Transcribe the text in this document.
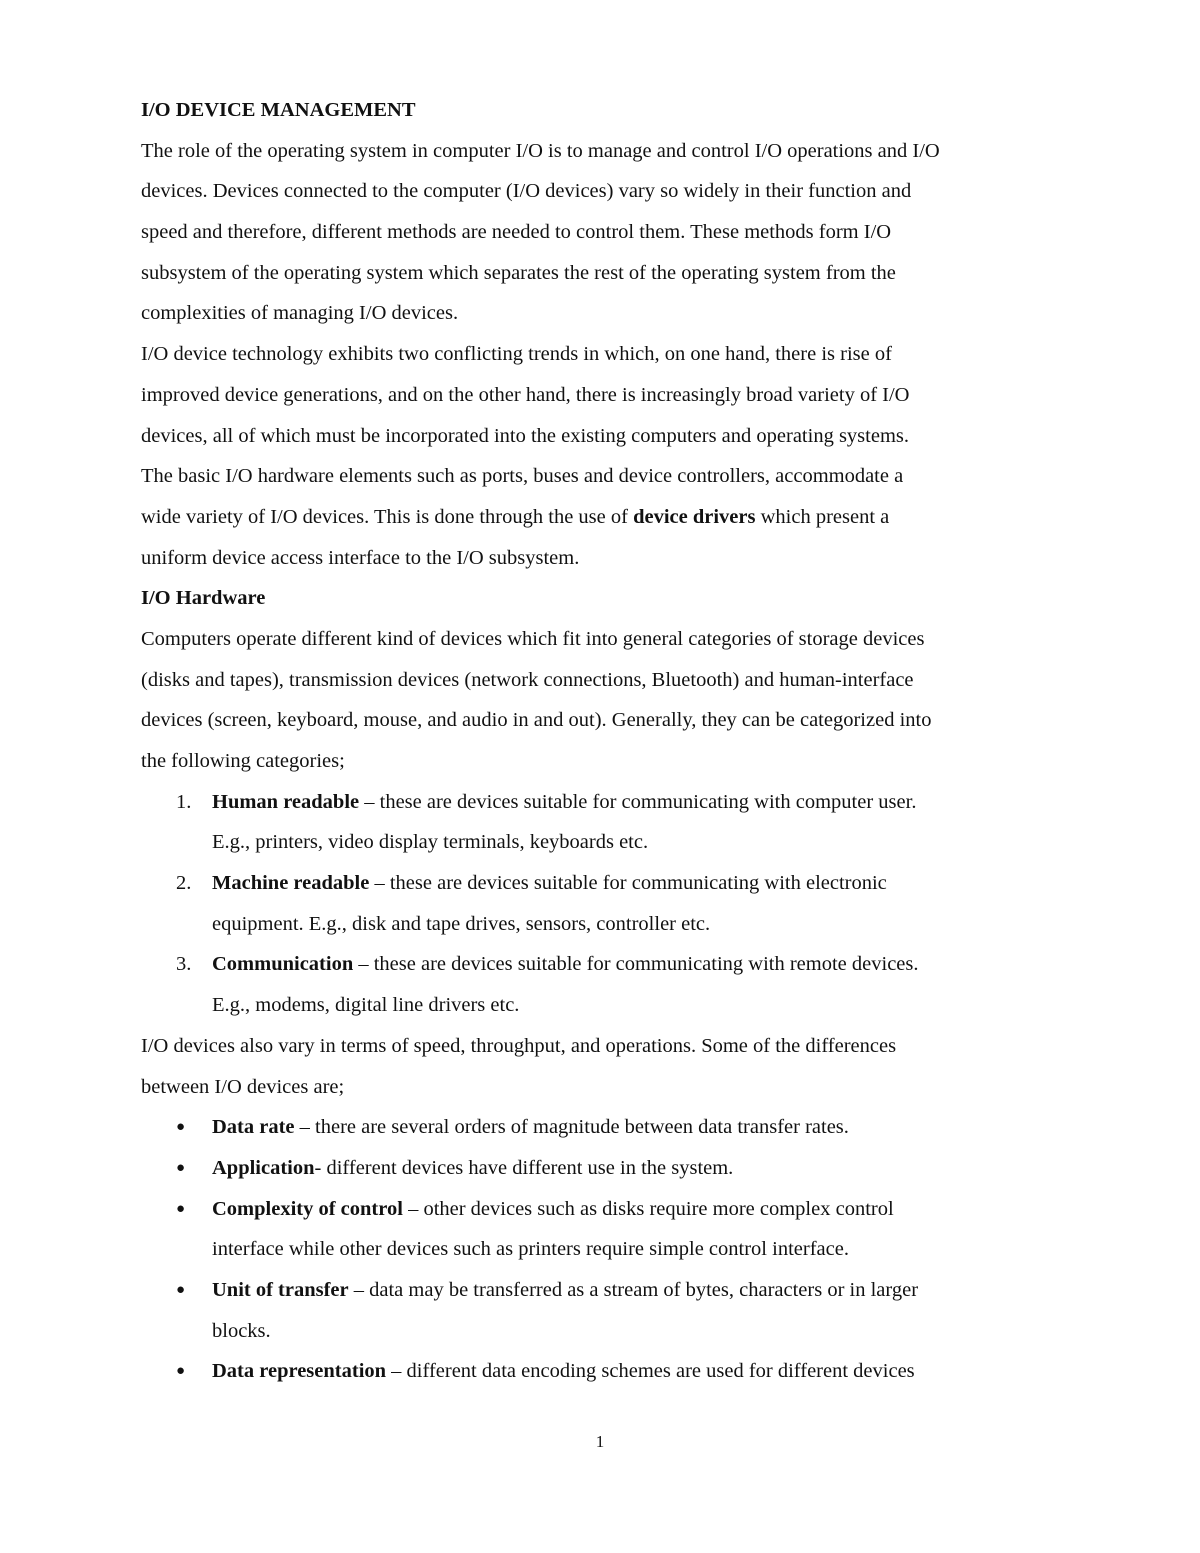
I/O DEVICE MANAGEMENT
The role of the operating system in computer I/O is to manage and control I/O operations and I/O
devices. Devices connected to the computer (I/O devices) vary so widely in their function and
speed and therefore, different methods are needed to control them. These methods form I/O
subsystem of the operating system which separates the rest of the operating system from the
complexities of managing I/O devices.
I/O device technology exhibits two conflicting trends in which, on one hand, there is rise of
improved device generations, and on the other hand, there is increasingly broad variety of I/O
devices, all of which must be incorporated into the existing computers and operating systems.
The basic I/O hardware elements such as ports, buses and device controllers, accommodate a
wide variety of I/O devices. This is done through the use of device drivers which present a
uniform device access interface to the I/O subsystem.
I/O Hardware
Computers operate different kind of devices which fit into general categories of storage devices
(disks and tapes), transmission devices (network connections, Bluetooth) and human-interface
devices (screen, keyboard, mouse, and audio in and out). Generally, they can be categorized into
the following categories;
1. Human readable – these are devices suitable for communicating with computer user.
E.g., printers, video display terminals, keyboards etc.
2. Machine readable – these are devices suitable for communicating with electronic
equipment. E.g., disk and tape drives, sensors, controller etc.
3. Communication – these are devices suitable for communicating with remote devices.
E.g., modems, digital line drivers etc.
I/O devices also vary in terms of speed, throughput, and operations. Some of the differences
between I/O devices are;
● Data rate – there are several orders of magnitude between data transfer rates.
● Application- different devices have different use in the system.
● Complexity of control – other devices such as disks require more complex control
interface while other devices such as printers require simple control interface.
● Unit of transfer – data may be transferred as a stream of bytes, characters or in larger
blocks.
● Data representation – different data encoding schemes are used for different devices
1
